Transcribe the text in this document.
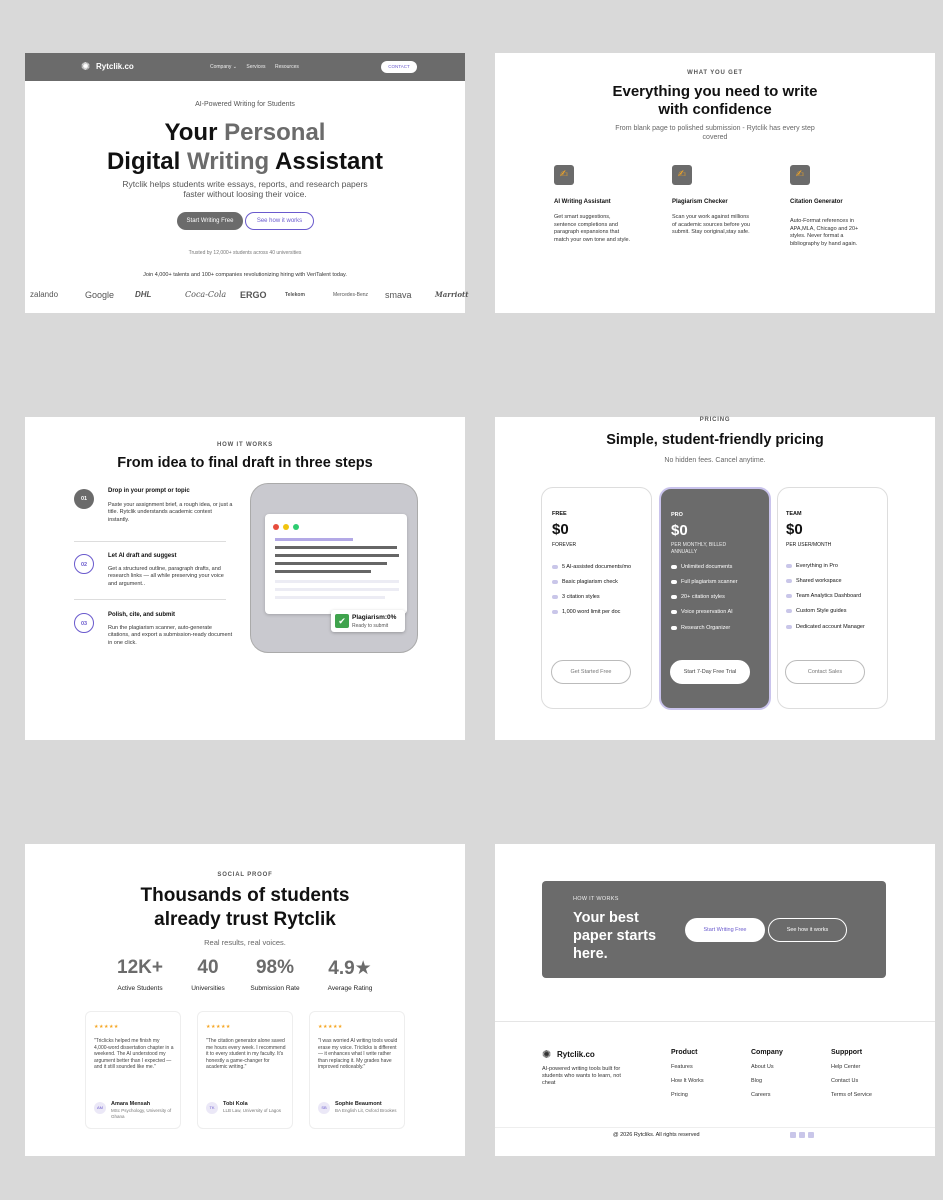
✺ Rytclik.co	Company ⌄ Services Resources	CONTACT
AI-Powered Writing for Students
Your Personal
Digital Writing Assistant
Rytclik helps students write essays, reports, and research papers faster without loosing their voice.
Start Writing Free	See how it works
Trusted by 12,000+ students across 40 universities
Join 4,000+ talents and 100+ companies revolutionizing hiring with VeriTalent today.
zalando	Google	DHL	Coca-Cola ERGO	Telekom	Mercedes-Benz smava	Marriott
WHAT YOU GET
Everything you need to write with confidence
From blank page to polished submission - Rytclik has every step covered
✍
AI Writing Assistant
Get smart suggestions, sentence completions and paragraph expansions that match your own tone and style.
✍
Plagiarism Checker
Scan your work against millions of academic sources before you submit. Stay ooriginal,stay safe.
✍
Citation Generator
Auto-Format references in APA,MLA, Chicago and 20+ styles. Never format a bibliography by hand again.
HOW IT WORKS
From idea to final draft in three steps
01
Drop in your prompt or topic
Paste your assignment brief, a rough idea, or just a title. Rytclik understands academic context instantly.
02
Let AI draft and suggest
Get a structured outline, paragraph drafts, and research links — all while preserving your voice and argument..
03
Polish, cite, and submit
Run the plagiarism scanner, auto-generate citations, and export a submission-ready document in one click.
✔ Plagiarism:0%
Ready to submit
PRICING
Simple, student-friendly pricing
No hidden fees. Cancel anytime.
FREE
$0
FOREVER
5 AI-assisted documents/mo
Basic plagiarism check
3 citation styles
1,000 word limit per doc
Get Started Free
PRO
$0
PER MONTHLY, BILLED ANNUALLY
Unlimited documents
Full plagiarism scanner
20+ citation styles
Voice preservation AI
Research Organizer
Start 7-Day Free Trial
TEAM
$0
PER USER/MONTH
Everything in Pro
Shared workspace
Team Analytics Dashboard
Custom Style guides
Dedicated account Manager
Contact Sales
SOCIAL PROOF
Thousands of students already trust Rytclik
Real results, real voices.
12K+
Active Students
40
Universities
98%
Submission Rate
4.9★
Average Rating
★★★★★
"Triclicks helped me finish my 4,000-word dissertation chapter in a weekend. The AI understood my argument better than I expected — and it still sounded like me."
AM
Amara Mensah
MSc Psychology, University of Ghana
★★★★★
"The citation generator alone saved me hours every week. I recommend it to every student in my faculty. It's honestly a game-changer for academic writing."
TK
Tobi Kola
LLB Law, University of Lagos
★★★★★
"I was worried AI writing tools would erase my voice. Triclicks is different — it enhances what I write rather than replacing it. My grades have improved noticeably."
SB
Sophie Beaumont
BA English Lit, Oxford Brookes
HOW IT WORKS
Your best paper starts here.
Start Writing Free	See how it works
✺ Rytclik.co
AI-powered writing tools built for students who wants to learn, not cheat
Product
Features
How It Works
Pricing
Company
About Us
Blog
Careers
Suppport
Help Center
Contact Us
Terms of Service
@ 2026 Rytcliks. All rights reserved
